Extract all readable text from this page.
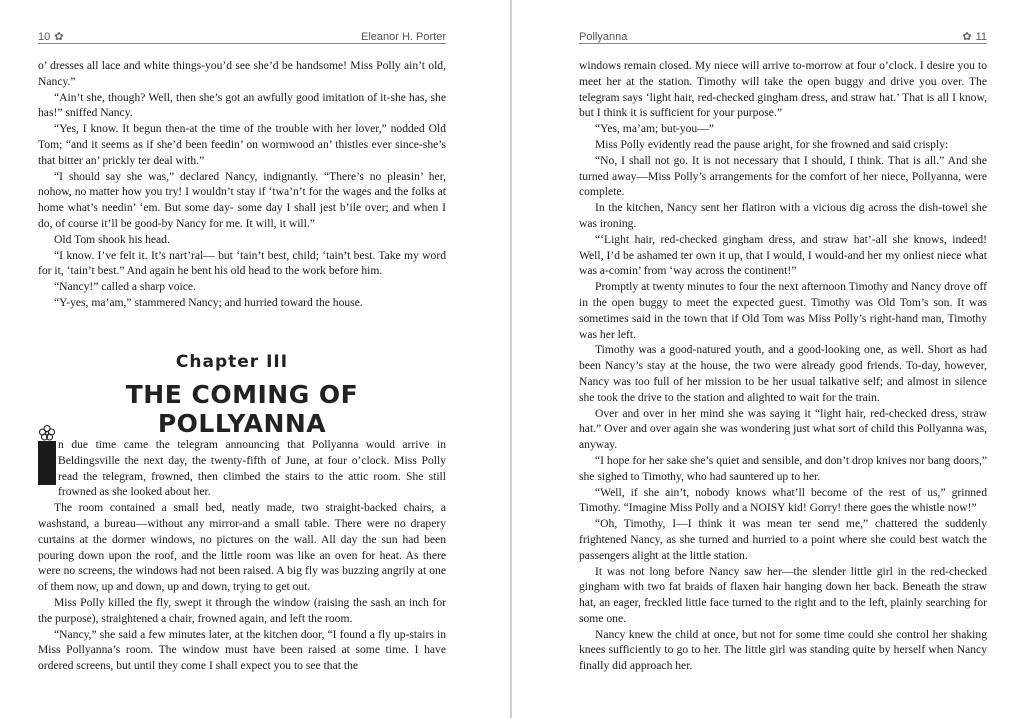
10 ✿	Eleanor H. Porter

o’ dresses all lace and white things-you’d see she’d be handsome! Miss Polly ain’t old, Nancy.”

“Ain’t she, though? Well, then she’s got an awfully good imitation of it-she has, she has!” sniffed Nancy.

“Yes, I know. It begun then-at the time of the trouble with her lover,” nodded Old Tom; “and it seems as if she’d been feedin’ on wormwood an’ thistles ever since-she’s that bitter an’ prickly ter deal with.”

“I should say she was,” declared Nancy, indignantly. “There’s no pleasin’ her, nohow, no matter how you try! I wouldn’t stay if ‘twa’n’t for the wages and the folks at home what’s needin’ ‘em. But some day- some day I shall jest b’ile over; and when I do, of course it’ll be good-by Nancy for me. It will, it will.”

Old Tom shook his head.

“I know. I’ve felt it. It’s nart’ral— but ‘tain’t best, child; ‘tain’t best. Take my word for it, ‘tain’t best.” And again he bent his old head to the work before him.

“Nancy!” called a sharp voice.

“Y-yes, ma’am,” stammered Nancy; and hurried toward the house.

Chapter III
THE COMING OF POLLYANNA

n due time came the telegram announcing that Pollyanna would arrive in Beldingsville the next day, the twenty-fifth of June, at four o’clock. Miss Polly read the telegram, frowned, then climbed the stairs to the attic room. She still frowned as she looked about her.

The room contained a small bed, neatly made, two straight-backed chairs, a washstand, a bureau—without any mirror-and a small table. There were no drapery curtains at the dormer windows, no pictures on the wall. All day the sun had been pouring down upon the roof, and the little room was like an oven for heat. As there were no screens, the windows had not been raised. A big fly was buzzing angrily at one of them now, up and down, up and down, trying to get out.

Miss Polly killed the fly, swept it through the window (raising the sash an inch for the purpose), straightened a chair, frowned again, and left the room.

“Nancy,” she said a few minutes later, at the kitchen door, “I found a fly up-stairs in Miss Pollyanna’s room. The window must have been raised at some time. I have ordered screens, but until they come I shall expect you to see that the

Pollyanna	✿ 11

windows remain closed. My niece will arrive to-morrow at four o’clock. I desire you to meet her at the station. Timothy will take the open buggy and drive you over. The telegram says ‘light hair, red-checked gingham dress, and straw hat.’ That is all I know, but I think it is sufficient for your purpose.”

“Yes, ma’am; but-you—”

Miss Polly evidently read the pause aright, for she frowned and said crisply:

“No, I shall not go. It is not necessary that I should, I think. That is all.” And she turned away—Miss Polly’s arrangements for the comfort of her niece, Pollyanna, were complete.

In the kitchen, Nancy sent her flatiron with a vicious dig across the dish-towel she was ironing.

“‘Light hair, red-checked gingham dress, and straw hat’-all she knows, indeed! Well, I’d be ashamed ter own it up, that I would, I would-and her my onliest niece what was a-comin’ from ‘way across the continent!”

Promptly at twenty minutes to four the next afternoon Timothy and Nancy drove off in the open buggy to meet the expected guest. Timothy was Old Tom’s son. It was sometimes said in the town that if Old Tom was Miss Polly’s right-hand man, Timothy was her left.

Timothy was a good-natured youth, and a good-looking one, as well. Short as had been Nancy’s stay at the house, the two were already good friends. To-day, however, Nancy was too full of her mission to be her usual talkative self; and almost in silence she took the drive to the station and alighted to wait for the train.

Over and over in her mind she was saying it “light hair, red-checked dress, straw hat.” Over and over again she was wondering just what sort of child this Pollyanna was, anyway.

“I hope for her sake she’s quiet and sensible, and don’t drop knives nor bang doors,” she sighed to Timothy, who had sauntered up to her.

“Well, if she ain’t, nobody knows what’ll become of the rest of us,” grinned Timothy. “Imagine Miss Polly and a NOISY kid! Gorry! there goes the whistle now!”

“Oh, Timothy, I—I think it was mean ter send me,” chattered the suddenly frightened Nancy, as she turned and hurried to a point where she could best watch the passengers alight at the little station.

It was not long before Nancy saw her—the slender little girl in the red-checked gingham with two fat braids of flaxen hair hanging down her back. Beneath the straw hat, an eager, freckled little face turned to the right and to the left, plainly searching for some one.

Nancy knew the child at once, but not for some time could she control her shaking knees sufficiently to go to her. The little girl was standing quite by herself when Nancy finally did approach her.
